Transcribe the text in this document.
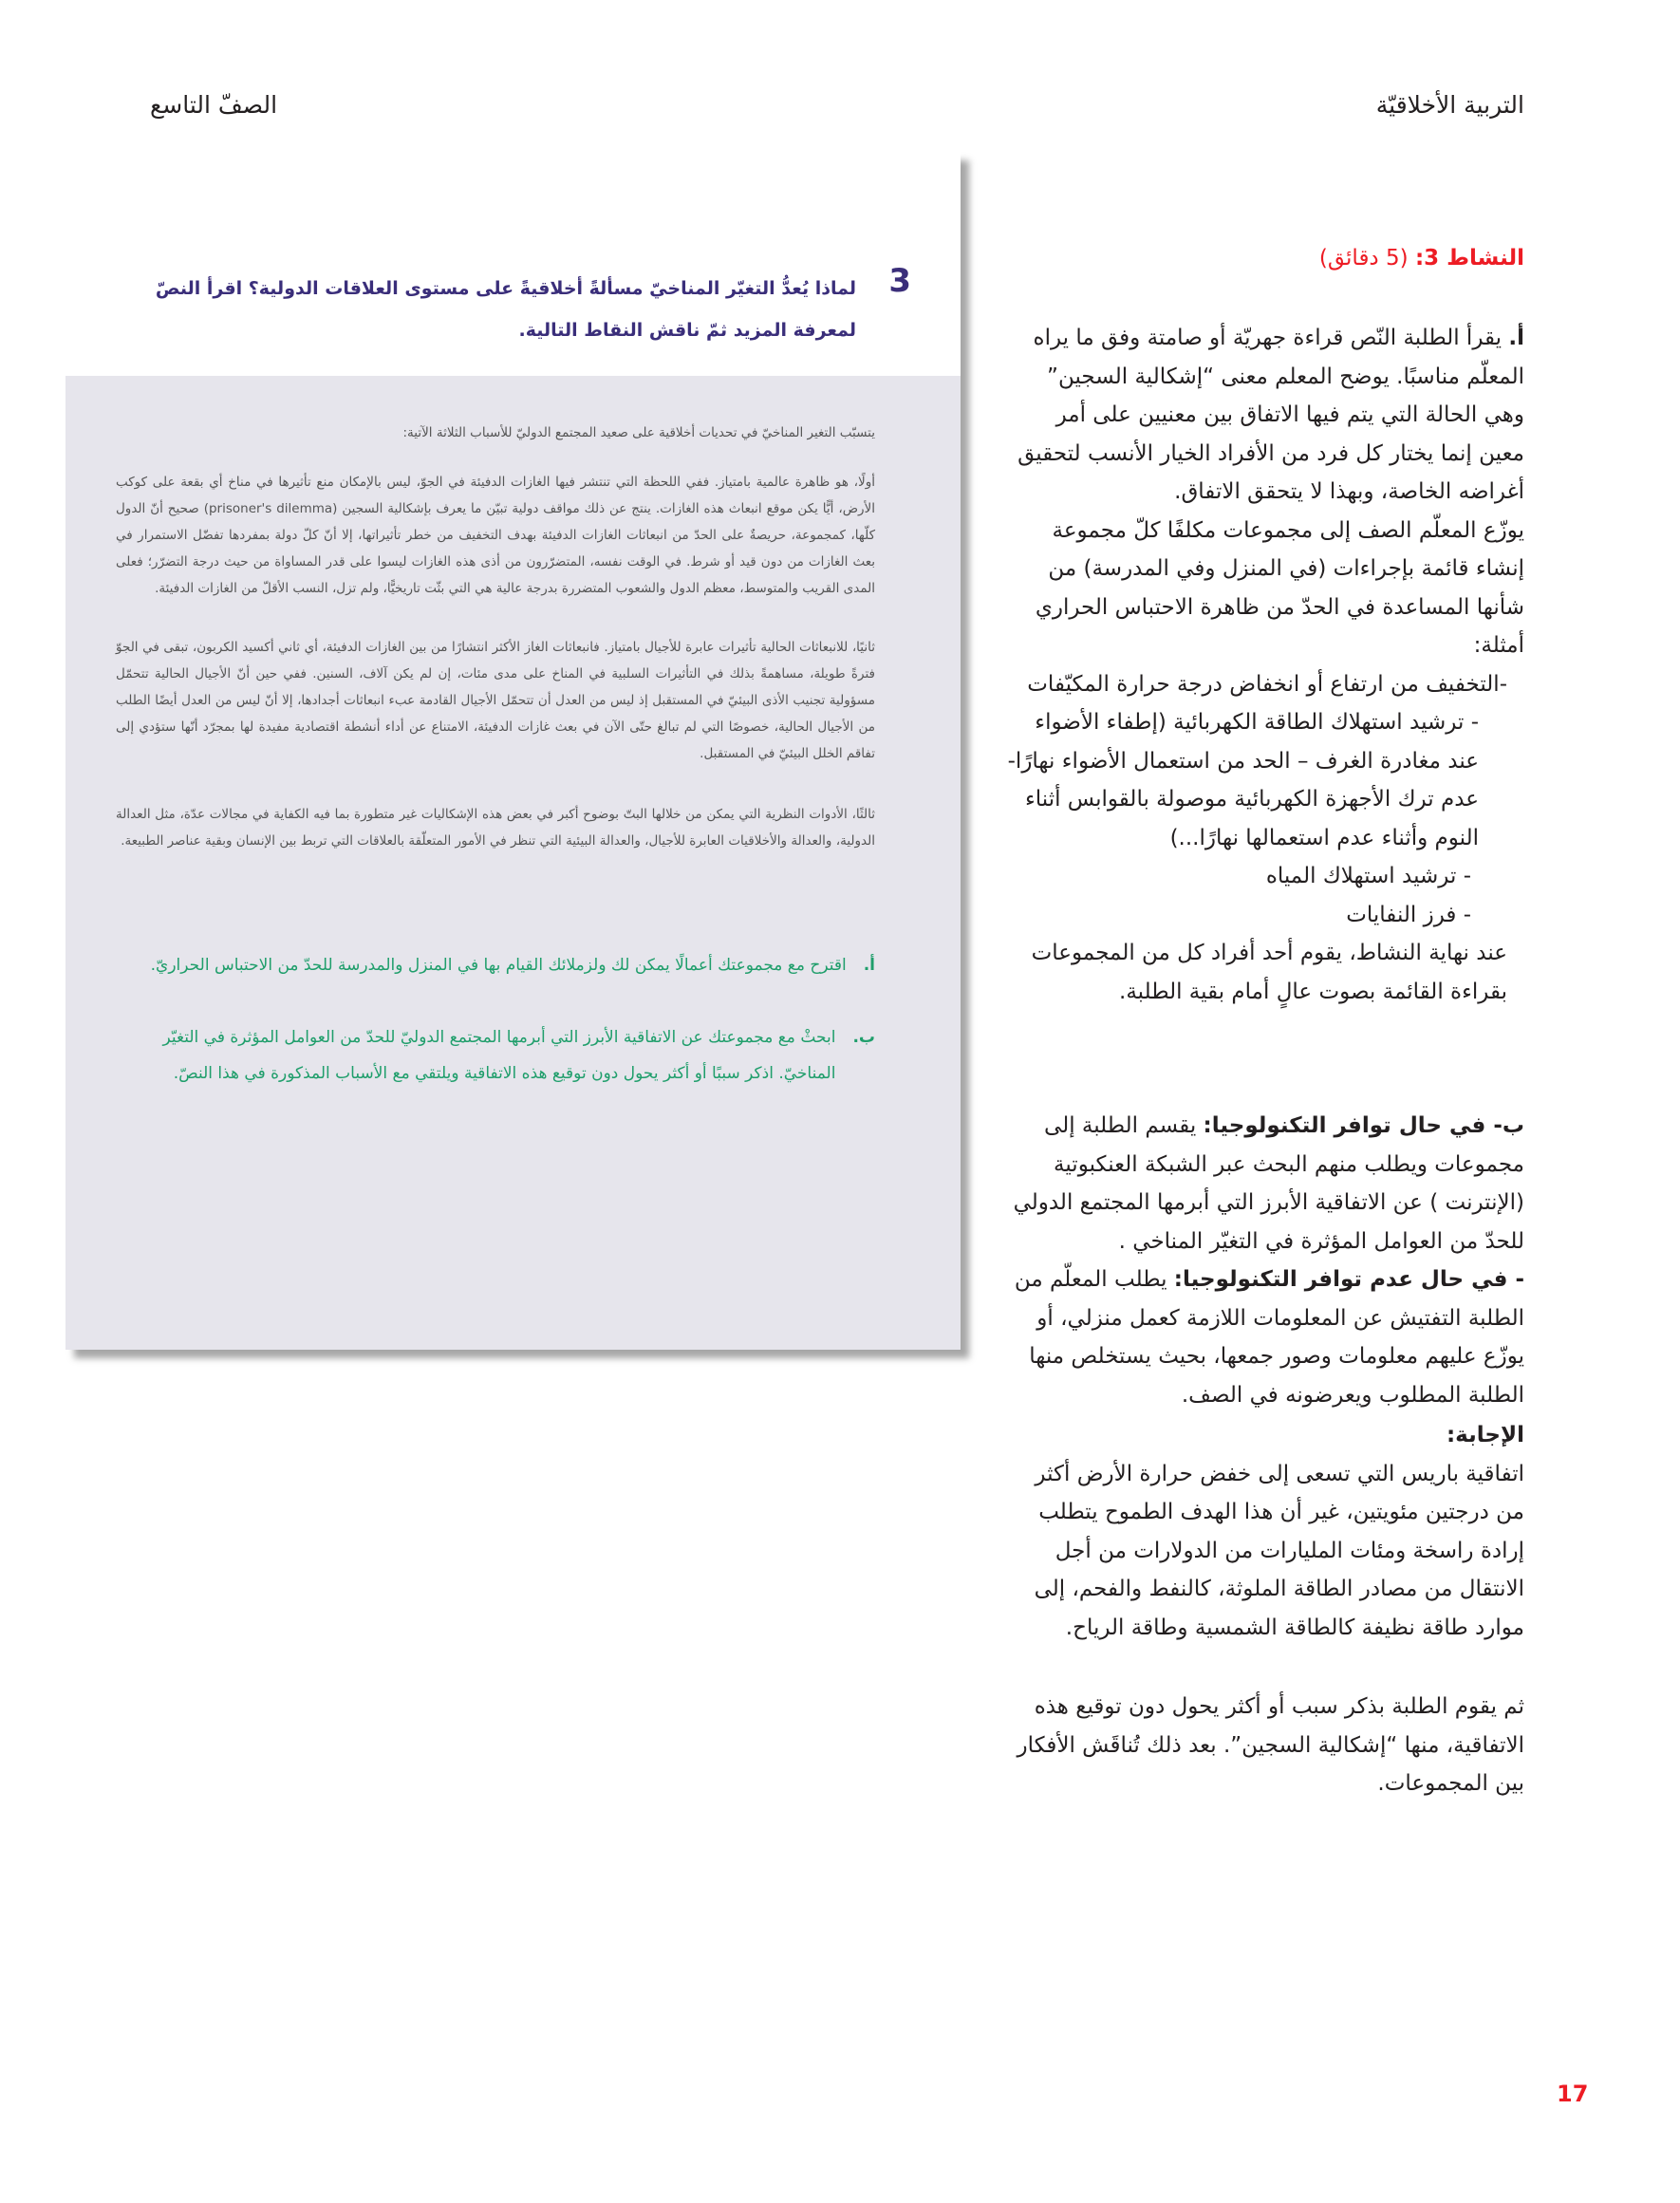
التربية الأخلاقيّة
الصفّ التاسع
3
لماذا يُعدُّ التغيّر المناخيّ مسألةً أخلاقيةً على مستوى العلاقات الدولية؟ اقرأ النصّ لمعرفة المزيد ثمّ ناقش النقاط التالية.
يتسبّب التغير المناخيّ في تحديات أخلاقية على صعيد المجتمع الدوليّ للأسباب الثلاثة الآتية:
أولًا، هو ظاهرة عالمية بامتياز. ففي اللحظة التي تنتشر فيها الغازات الدفيئة في الجوّ، ليس بالإمكان منع تأثيرها في مناخ أي بقعة على كوكب الأرض، أيًّا يكن موقع انبعاث هذه الغازات. ينتج عن ذلك مواقف دولية تبيّن ما يعرف بإشكالية السجين (prisoner's dilemma) صحيح أنّ الدول كلّها، كمجموعة، حريصةٌ على الحدّ من انبعاثات الغازات الدفيئة بهدف التخفيف من خطر تأثيراتها، إلا أنّ كلّ دولة بمفردها تفضّل الاستمرار في بعث الغازات من دون قيد أو شرط. في الوقت نفسه، المتضرّرون من أذى هذه الغازات ليسوا على قدر المساواة من حيث درجة التضرّر؛ فعلى المدى القريب والمتوسط، معظم الدول والشعوب المتضررة بدرجة عالية هي التي بثّت تاريخيًّا، ولم تزل، النسب الأقلّ من الغازات الدفيئة.
ثانيًا، للانبعاثات الحالية تأثيرات عابرة للأجيال بامتياز. فانبعاثات الغاز الأكثر انتشارًا من بين الغازات الدفيئة، أي ثاني أكسيد الكربون، تبقى في الجوّ فترةً طويلة، مساهمةً بذلك في التأثيرات السلبية في المناخ على مدى مئات، إن لم يكن آلاف، السنين. ففي حين أنّ الأجيال الحالية تتحمّل مسؤولية تجنيب الأذى البيئيّ في المستقبل إذ ليس من العدل أن تتحمّل الأجيال القادمة عبء انبعاثات أجدادها، إلا أنّ ليس من العدل أيضًا الطلب من الأجيال الحالية، خصوصًا التي لم تبالغ حتّى الآن في بعث غازات الدفيئة، الامتناع عن أداء أنشطة اقتصادية مفيدة لها بمجرّد أنّها ستؤدي إلى تفاقم الخلل البيئيّ في المستقبل.
ثالثًا، الأدوات النظرية التي يمكن من خلالها البتّ بوضوح أكبر في بعض هذه الإشكاليات غير متطورة بما فيه الكفاية في مجالات عدّة، مثل العدالة الدولية، والعدالة والأخلاقيات العابرة للأجيال، والعدالة البيئية التي تنظر في الأمور المتعلّقة بالعلاقات التي تربط بين الإنسان وبقية عناصر الطبيعة.
أ.
اقترح مع مجموعتك أعمالًا يمكن لك ولزملائك القيام بها في المنزل والمدرسة للحدّ من الاحتباس الحراريّ.
ب.
ابحثْ مع مجموعتك عن الاتفاقية الأبرز التي أبرمها المجتمع الدوليّ للحدّ من العوامل المؤثرة في التغيّر المناخيّ. اذكر سببًا أو أكثر يحول دون توقيع هذه الاتفاقية ويلتقي مع الأسباب المذكورة في هذا النصّ.
النشاط 3: (5 دقائق)

أ. يقرأ الطلبة النّص قراءة جهريّة أو صامتة وفق ما يراه المعلّم مناسبًا. يوضح المعلم معنى “إشكالية السجين” وهي الحالة التي يتم فيها الاتفاق بين معنيين على أمر معين إنما يختار كل فرد من الأفراد الخيار الأنسب لتحقيق أغراضه الخاصة، وبهذا لا يتحقق الاتفاق.

يوزّع المعلّم الصف إلى مجموعات مكلفًا كلّ مجموعة إنشاء قائمة بإجراءات (في المنزل وفي المدرسة) من شأنها المساعدة في الحدّ من ظاهرة الاحتباس الحراري

أمثلة:

-التخفيف من ارتفاع أو انخفاض درجة حرارة المكيّفات

- ترشيد استهلاك الطاقة الكهربائية (إطفاء الأضواء عند مغادرة الغرف – الحد من استعمال الأضواء نهارًا-عدم ترك الأجهزة الكهربائية موصولة بالقوابس أثناء النوم وأثناء عدم استعمالها نهارًا...)

- ترشيد استهلاك المياه

- فرز النفايات

عند نهاية النشاط، يقوم أحد أفراد كل من المجموعات بقراءة القائمة بصوت عالٍ أمام بقية الطلبة.

ب- في حال توافر التكنولوجيا: يقسم الطلبة إلى مجموعات ويطلب منهم البحث عبر الشبكة العنكبوتية (الإنترنت ) عن الاتفاقية الأبرز التي أبرمها المجتمع الدولي للحدّ من العوامل المؤثرة في التغيّر المناخي .

- في حال عدم توافر التكنولوجيا: يطلب المعلّم من الطلبة التفتيش عن المعلومات اللازمة كعمل منزلي، أو يوزّع عليهم معلومات وصور جمعها، بحيث يستخلص منها الطلبة المطلوب ويعرضونه في الصف.

الإجابة:

اتفاقية باريس التي تسعى إلى خفض حرارة الأرض أكثر من درجتين مئويتين، غير أن هذا الهدف الطموح يتطلب إرادة راسخة ومئات المليارات من الدولارات من أجل الانتقال من مصادر الطاقة الملوثة، كالنفط والفحم، إلى موارد طاقة نظيفة كالطاقة الشمسية وطاقة الرياح.

ثم يقوم الطلبة بذكر سبب أو أكثر يحول دون توقيع هذه الاتفاقية، منها “إشكالية السجين”. بعد ذلك تُناقَش الأفكار بين المجموعات.
17
